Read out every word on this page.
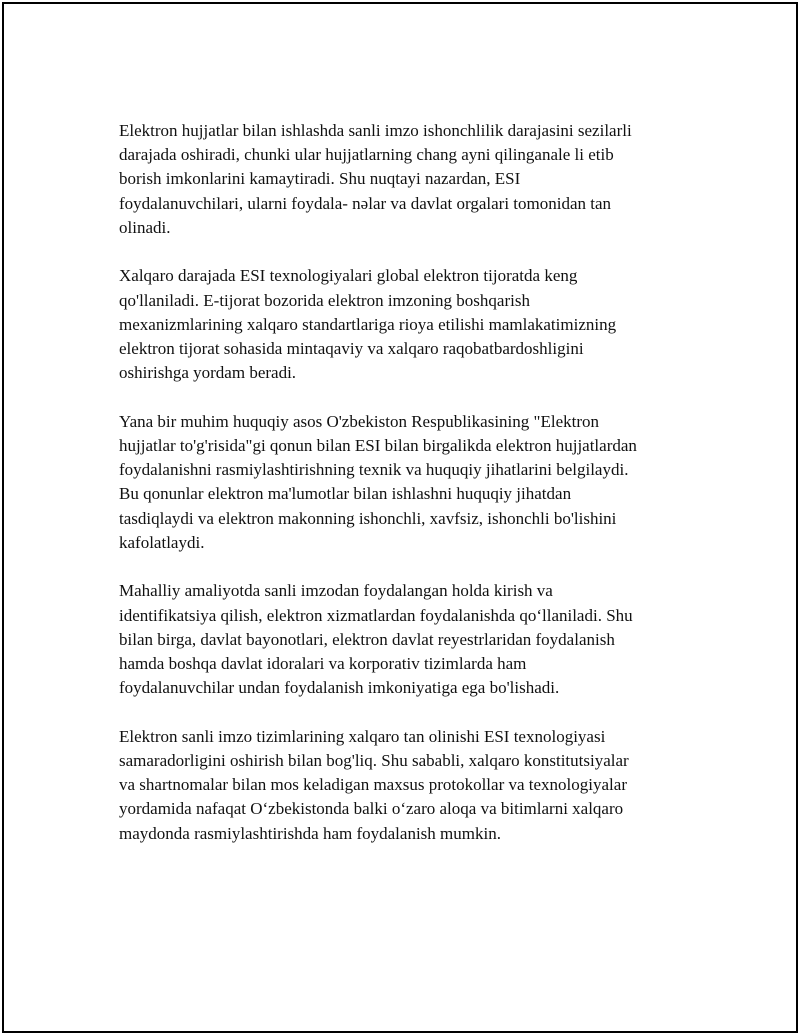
Elektron hujjatlar bilan ishlashda sanli imzo ishonchlilik darajasini sezilarli
darajada oshiradi, chunki ular hujjatlarning chang ayni qilinganale li etib
borish imkonlarini kamaytiradi. Shu nuqtayi nazardan, ESI
foydalanuvchilari, ularni foydala- nəlar va davlat orgalari tomonidan tan
olinadi.

Xalqaro darajada ESI texnologiyalari global elektron tijoratda keng
qo'llaniladi. E-tijorat bozorida elektron imzoning boshqarish
mexanizmlarining xalqaro standartlariga rioya etilishi mamlakatimizning
elektron tijorat sohasida mintaqaviy va xalqaro raqobatbardoshligini
oshirishga yordam beradi.

Yana bir muhim huquqiy asos O'zbekiston Respublikasining "Elektron
hujjatlar to'g'risida"gi qonun bilan ESI bilan birgalikda elektron hujjatlardan
foydalanishni rasmiylashtirishning texnik va huquqiy jihatlarini belgilaydi.
Bu qonunlar elektron ma'lumotlar bilan ishlashni huquqiy jihatdan
tasdiqlaydi va elektron makonning ishonchli, xavfsiz, ishonchli bo'lishini
kafolatlaydi.

Mahalliy amaliyotda sanli imzodan foydalangan holda kirish va
identifikatsiya qilish, elektron xizmatlardan foydalanishda qo‘llaniladi. Shu
bilan birga, davlat bayonotlari, elektron davlat reyestrlaridan foydalanish
hamda boshqa davlat idoralari va korporativ tizimlarda ham
foydalanuvchilar undan foydalanish imkoniyatiga ega bo'lishadi.

Elektron sanli imzo tizimlarining xalqaro tan olinishi ESI texnologiyasi
samaradorligini oshirish bilan bog'liq. Shu sababli, xalqaro konstitutsiyalar
va shartnomalar bilan mos keladigan maxsus protokollar va texnologiyalar
yordamida nafaqat O‘zbekistonda balki o‘zaro aloqa va bitimlarni xalqaro
maydonda rasmiylashtirishda ham foydalanish mumkin.
